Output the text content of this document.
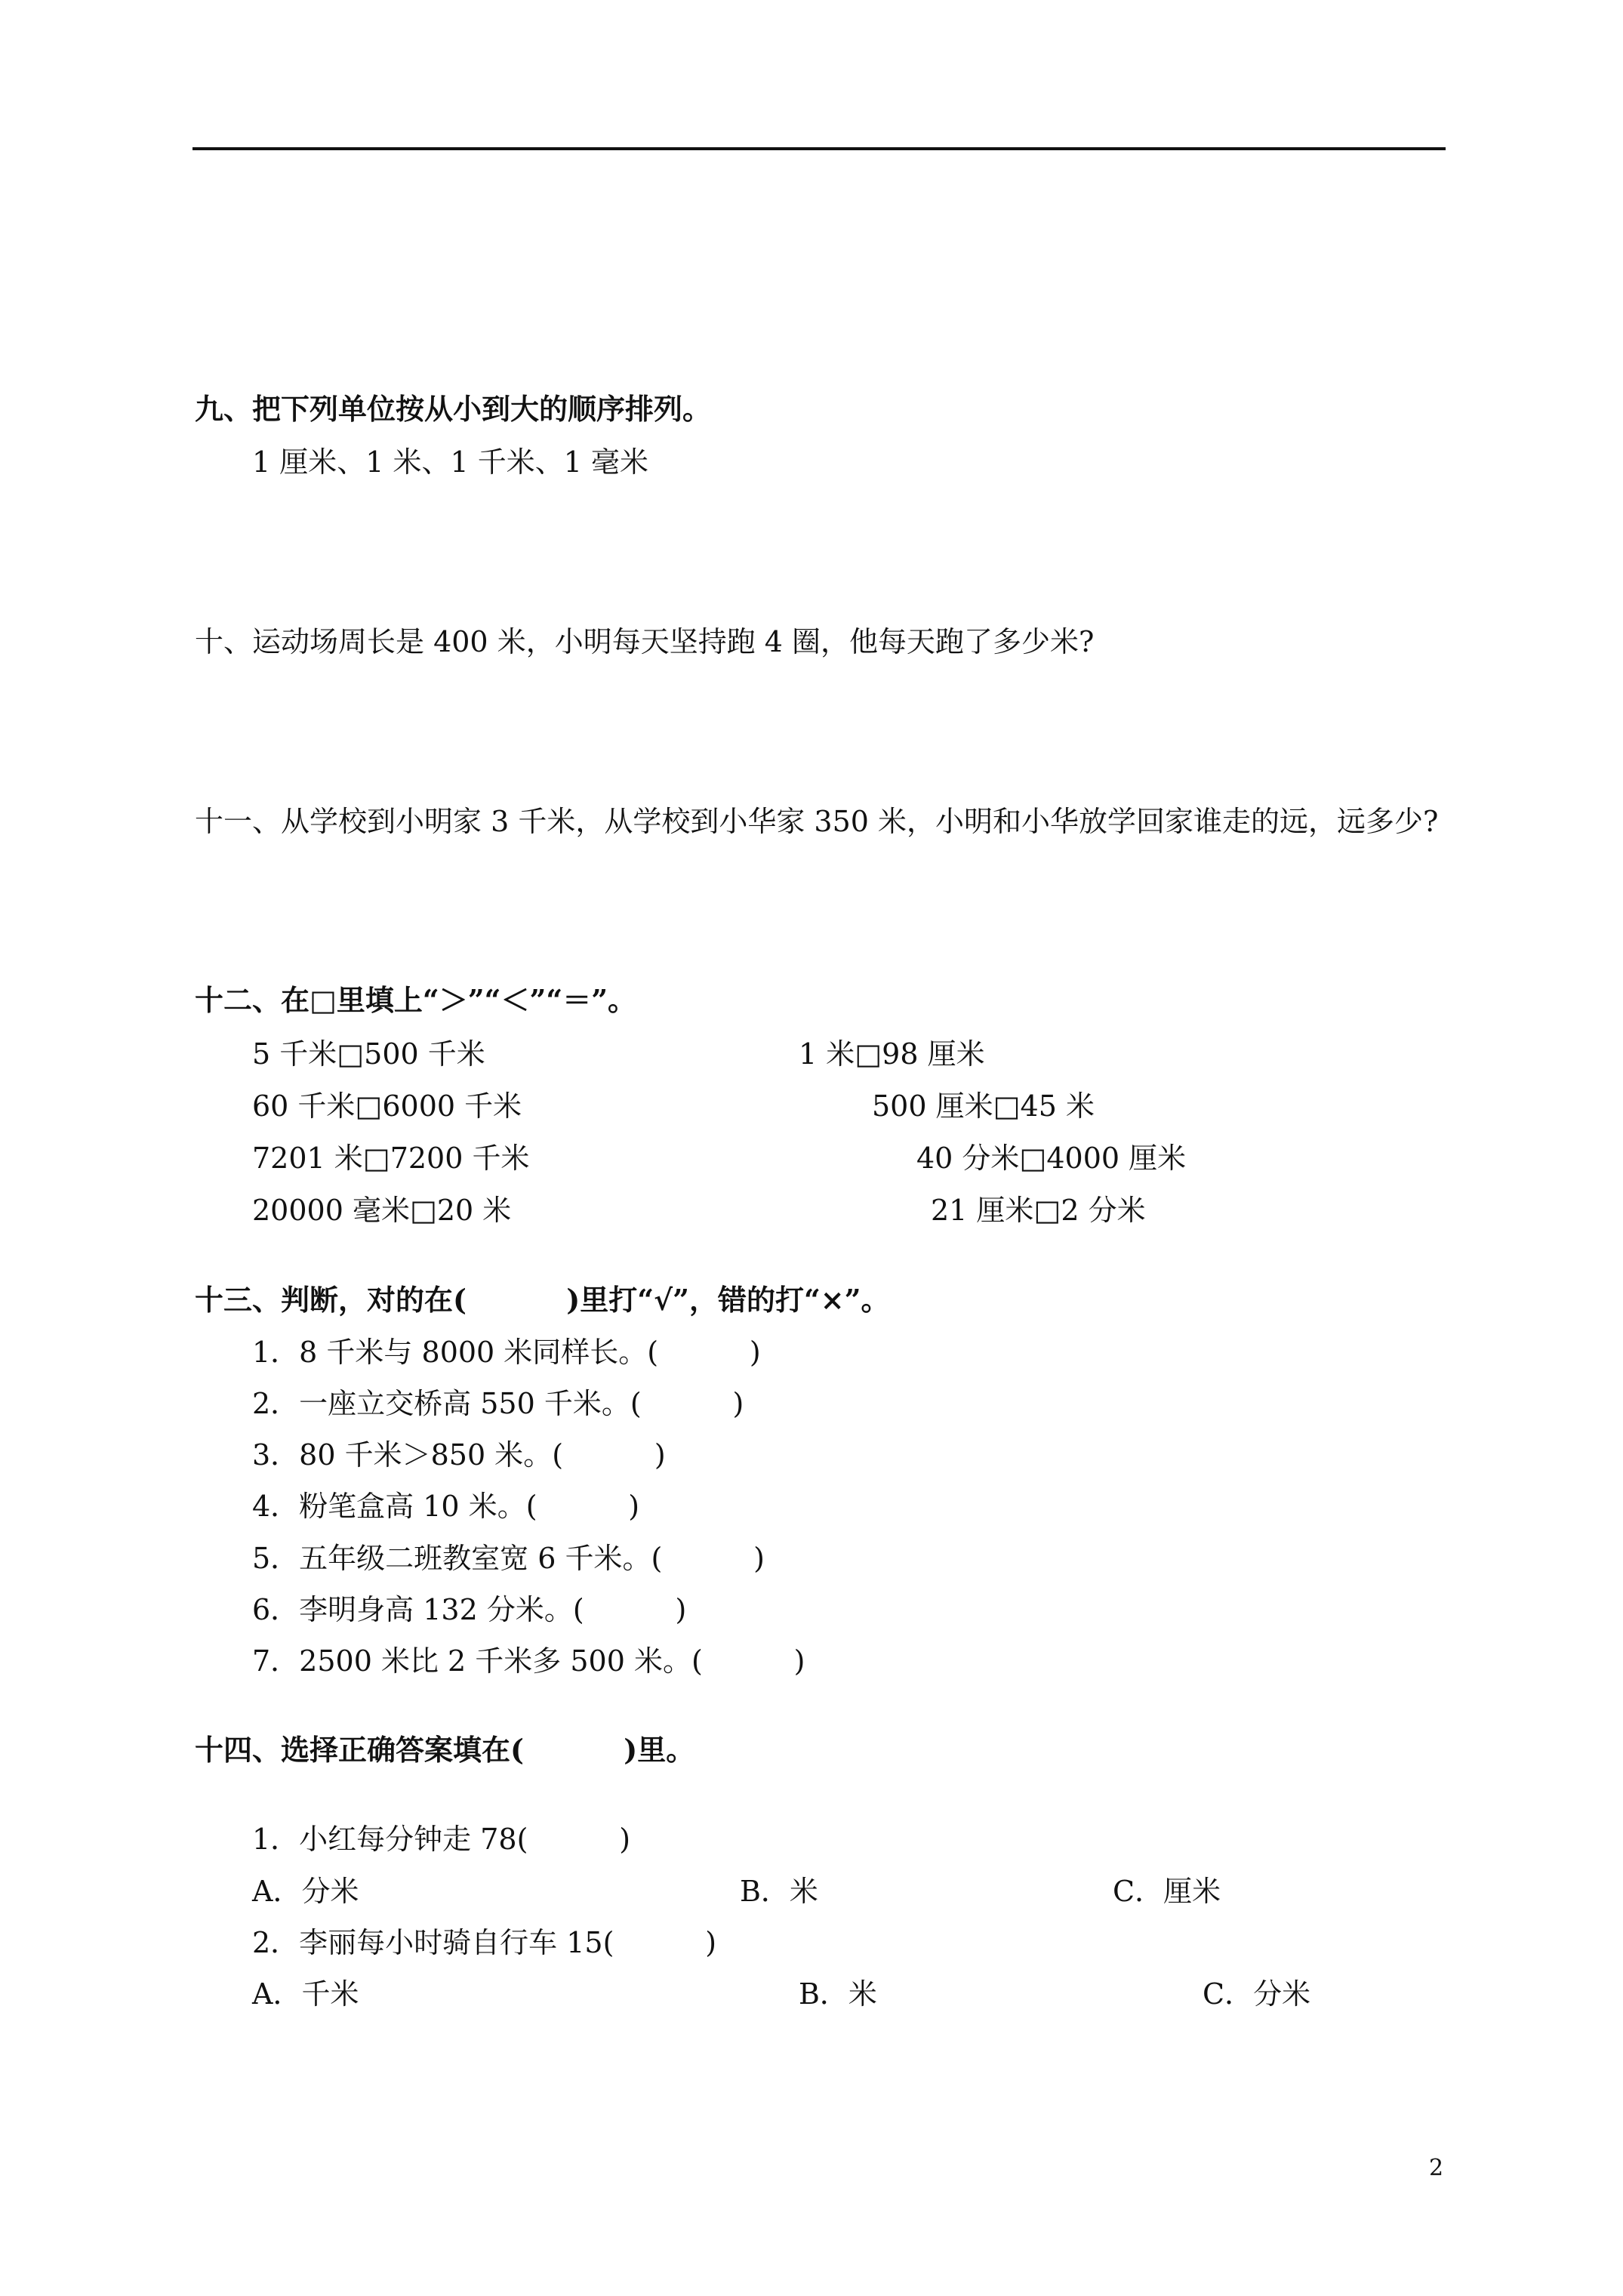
九、把下列单位按从小到大的顺序排列。
1 厘米、1 米、1 千米、1 毫米
十、运动场周长是 400 米，小明每天坚持跑 4 圈，他每天跑了多少米?
十一、从学校到小明家 3 千米，从学校到小华家 350 米，小明和小华放学回家谁走的远，远多少?
十二、在□里填上“＞”“＜”“＝”。
5 千米□500 千米	1 米□98 厘米
60 千米□6000 千米	500 厘米□45 米
7201 米□7200 千米	40 分米□4000 厘米
20000 毫米□20 米	21 厘米□2 分米
十三、判断，对的在(          )里打“√”，错的打“×”。
1．8 千米与 8000 米同样长。(          )
2．一座立交桥高 550 千米。(          )
3．80 千米＞850 米。(          )
4．粉笔盒高 10 米。(          )
5．五年级二班教室宽 6 千米。(          )
6．李明身高 132 分米。(          )
7．2500 米比 2 千米多 500 米。(          )
十四、选择正确答案填在(          )里。
1．小红每分钟走 78(          )
A．分米	B．米	C．厘米
2．李丽每小时骑自行车 15(          )
A．千米	B．米	C．分米
2
